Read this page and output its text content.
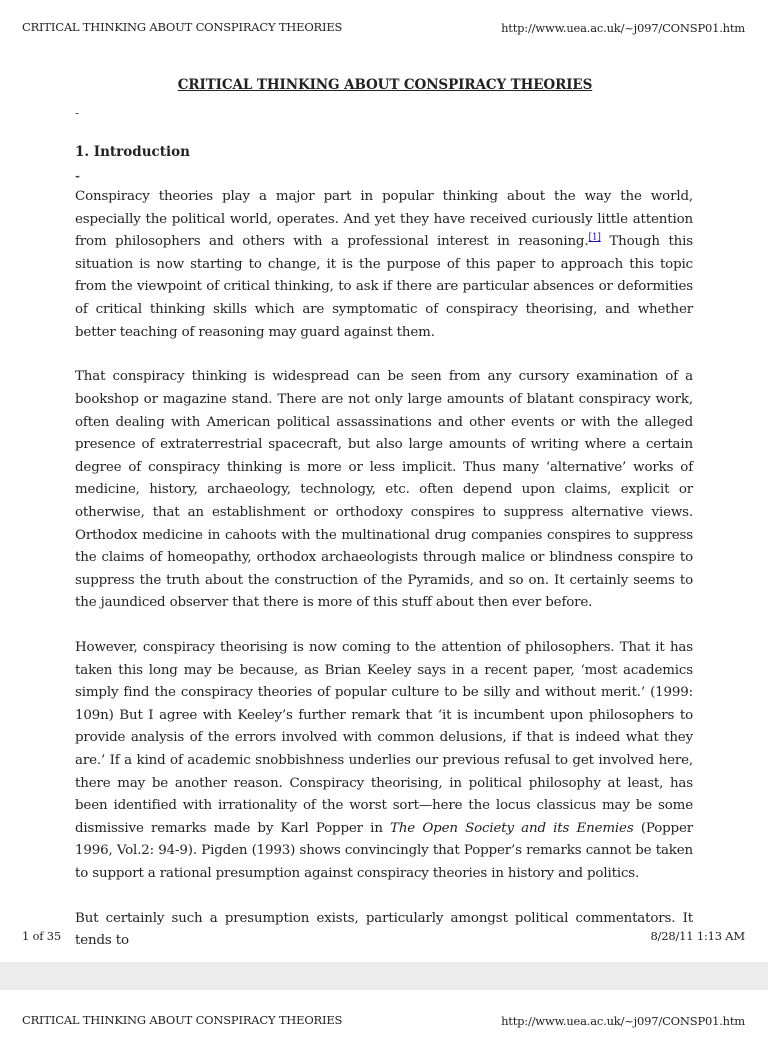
CRITICAL THINKING ABOUT CONSPIRACY THEORIES	http://www.uea.ac.uk/~j097/CONSP01.htm
CRITICAL THINKING ABOUT CONSPIRACY THEORIES
-
1. Introduction
-

Conspiracy theories play a major part in popular thinking about the way the world, especially the political world, operates. And yet they have received curiously little attention from philosophers and others with a professional interest in reasoning.[1] Though this situation is now starting to change, it is the purpose of this paper to approach this topic from the viewpoint of critical thinking, to ask if there are particular absences or deformities of critical thinking skills which are symptomatic of conspiracy theorising, and whether better teaching of reasoning may guard against them.

That conspiracy thinking is widespread can be seen from any cursory examination of a bookshop or magazine stand. There are not only large amounts of blatant conspiracy work, often dealing with American political assassinations and other events or with the alleged presence of extraterrestrial spacecraft, but also large amounts of writing where a certain degree of conspiracy thinking is more or less implicit. Thus many ‘alternative’ works of medicine, history, archaeology, technology, etc. often depend upon claims, explicit or otherwise, that an establishment or orthodoxy conspires to suppress alternative views. Orthodox medicine in cahoots with the multinational drug companies conspires to suppress the claims of homeopathy, orthodox archaeologists through malice or blindness conspire to suppress the truth about the construction of the Pyramids, and so on. It certainly seems to the jaundiced observer that there is more of this stuff about then ever before.

However, conspiracy theorising is now coming to the attention of philosophers. That it has taken this long may be because, as Brian Keeley says in a recent paper, ‘most academics simply find the conspiracy theories of popular culture to be silly and without merit.’ (1999: 109n) But I agree with Keeley’s further remark that ‘it is incumbent upon philosophers to provide analysis of the errors involved with common delusions, if that is indeed what they are.’ If a kind of academic snobbishness underlies our previous refusal to get involved here, there may be another reason. Conspiracy theorising, in political philosophy at least, has been identified with irrationality of the worst sort—here the locus classicus may be some dismissive remarks made by Karl Popper in The Open Society and its Enemies (Popper 1996, Vol.2: 94-9). Pigden (1993) shows convincingly that Popper’s remarks cannot be taken to support a rational presumption against conspiracy theories in history and politics.

But certainly such a presumption exists, particularly amongst political commentators. It tends to

1 of 35	8/28/11 1:13 AM
CRITICAL THINKING ABOUT CONSPIRACY THEORIES	http://www.uea.ac.uk/~j097/CONSP01.htm
